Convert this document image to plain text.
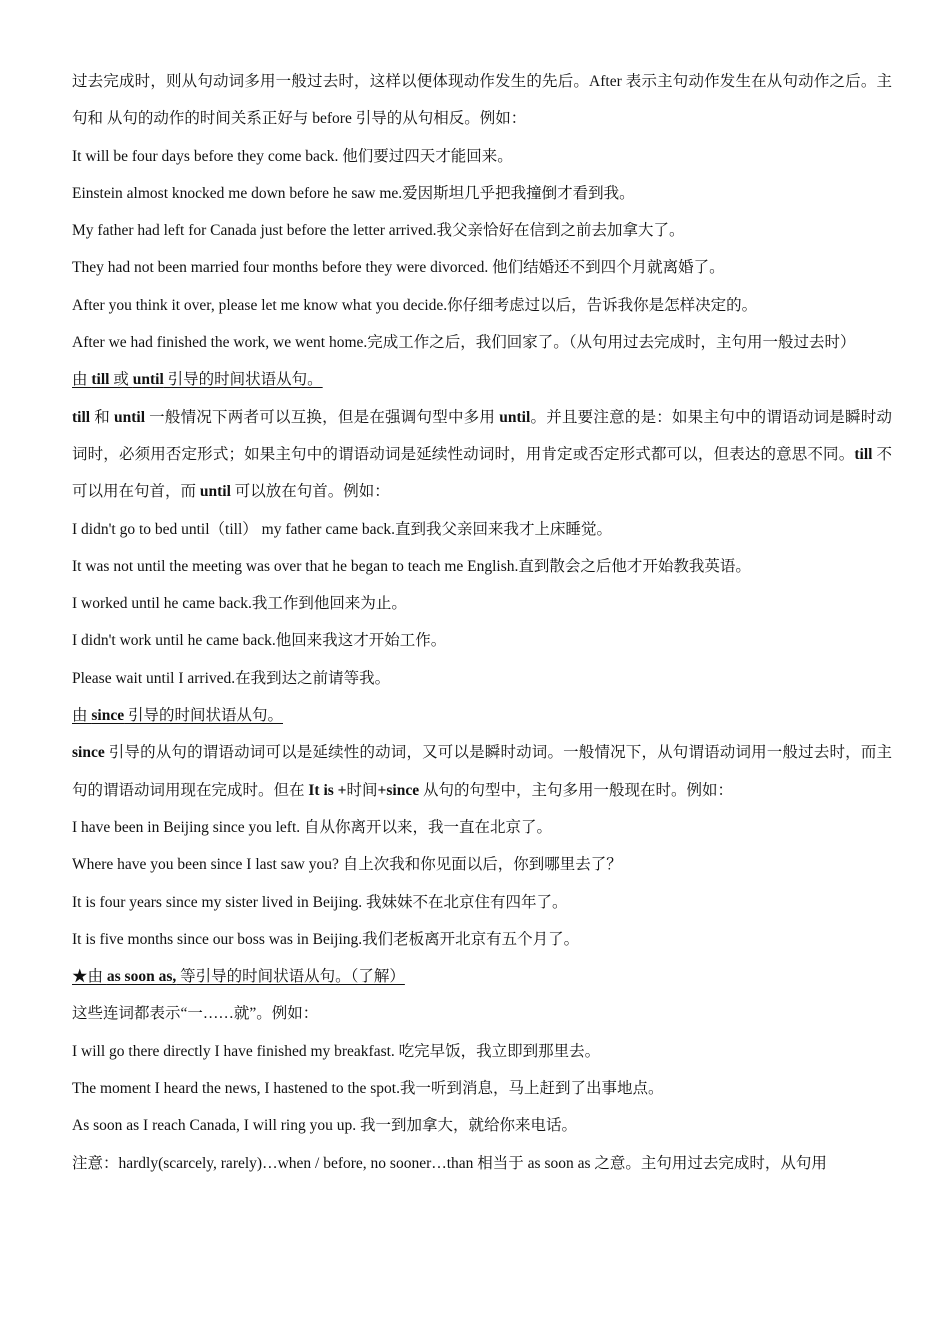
过去完成时，则从句动词多用一般过去时，这样以便体现动作发生的先后。After 表示主句动作发生在从句动作之后。主句和 从句的动作的时间关系正好与 before 引导的从句相反。例如：
It will be four days before they come back. 他们要过四天才能回来。
Einstein almost knocked me down before he saw me.爱因斯坦几乎把我撞倒才看到我。
My father had left for Canada just before the letter arrived.我父亲恰好在信到之前去加拿大了。
They had not been married four months before they were divorced. 他们结婚还不到四个月就离婚了。
After you think it over, please let me know what you decide.你仔细考虑过以后，告诉我你是怎样决定的。
After we had finished the work, we went home.完成工作之后，我们回家了。（从句用过去完成时，主句用一般过去时）
由 till 或 until 引导的时间状语从句。
till 和 until 一般情况下两者可以互换，但是在强调句型中多用 until。并且要注意的是：如果主句中的谓语动词是瞬时动词时，必须用否定形式；如果主句中的谓语动词是延续性动词时，用肯定或否定形式都可以，但表达的意思不同。till 不可以用在句首，而 until 可以放在句首。例如：
I didn't go to bed until（till） my father came back.直到我父亲回来我才上床睡觉。
It was not until the meeting was over that he began to teach me English.直到散会之后他才开始教我英语。
I worked until he came back.我工作到他回来为止。
I didn't work until he came back.他回来我这才开始工作。
Please wait until I arrived.在我到达之前请等我。
由 since 引导的时间状语从句。
since 引导的从句的谓语动词可以是延续性的动词，又可以是瞬时动词。一般情况下，从句谓语动词用一般过去时，而主句的谓语动词用现在完成时。但在 It is +时间+since 从句的句型中，主句多用一般现在时。例如：
I have been in Beijing since you left. 自从你离开以来，我一直在北京了。
Where have you been since I last saw you? 自上次我和你见面以后，你到哪里去了？
It is four years since my sister lived in Beijing. 我妹妹不在北京住有四年了。
It is five months since our boss was in Beijing.我们老板离开北京有五个月了。
★由 as soon as, 等引导的时间状语从句。（了解）
这些连词都表示“一……就”。例如：
I will go there directly I have finished my breakfast. 吃完早饭，我立即到那里去。
The moment I heard the news, I hastened to the spot.我一听到消息，马上赶到了出事地点。
As soon as I reach Canada, I will ring you up. 我一到加拿大，就给你来电话。
注意：hardly(scarcely, rarely)…when / before, no sooner…than 相当于 as soon as 之意。主句用过去完成时，从句用
